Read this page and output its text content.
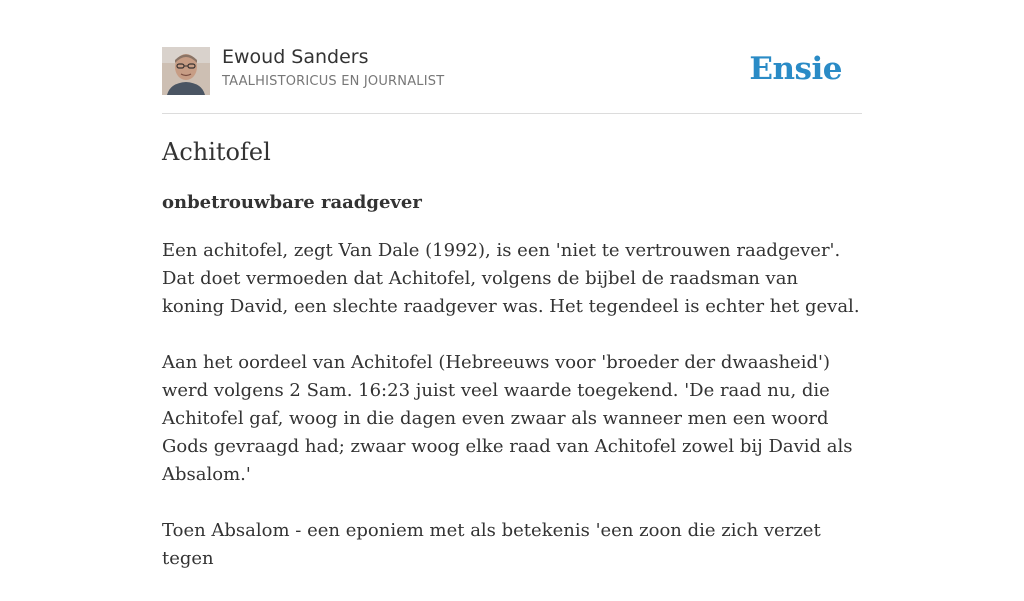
Ewoud Sanders
TAALHISTORICUS EN JOURNALIST	Ensie
Achitofel
onbetrouwbare raadgever

Een achitofel, zegt Van Dale (1992), is een 'niet te vertrouwen raadgever'. Dat doet vermoeden dat Achitofel, volgens de bijbel de raadsman van koning David, een slechte raadgever was. Het tegendeel is echter het geval.

Aan het oordeel van Achitofel (Hebreeuws voor 'broeder der dwaasheid') werd volgens 2 Sam. 16:23 juist veel waarde toegekend. 'De raad nu, die Achitofel gaf, woog in die dagen even zwaar als wanneer men een woord Gods gevraagd had; zwaar woog elke raad van Achitofel zowel bij David als Absalom.'

Toen Absalom - een eponiem met als betekenis 'een zoon die zich verzet tegen
